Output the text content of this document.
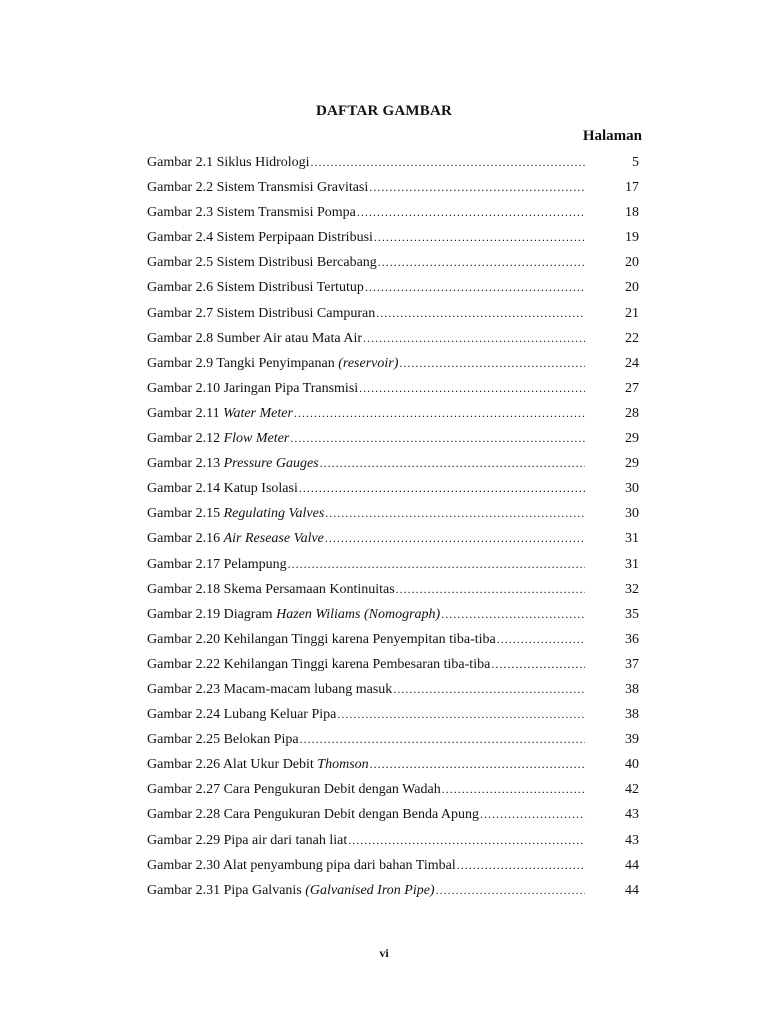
DAFTAR GAMBAR
Halaman
Gambar 2.1 Siklus Hidrologi .....	5
Gambar 2.2 Sistem Transmisi Gravitasi .....	17
Gambar 2.3 Sistem Transmisi Pompa .....	18
Gambar 2.4 Sistem Perpipaan Distribusi .....	19
Gambar 2.5 Sistem Distribusi Bercabang .....	20
Gambar 2.6 Sistem Distribusi Tertutup .....	20
Gambar 2.7 Sistem Distribusi Campuran .....	21
Gambar 2.8 Sumber Air atau Mata Air .....	22
Gambar 2.9 Tangki Penyimpanan (reservoir) .....	24
Gambar 2.10 Jaringan Pipa Transmisi .....	27
Gambar 2.11 Water Meter .....	28
Gambar 2.12 Flow Meter .....	29
Gambar 2.13 Pressure Gauges .....	29
Gambar 2.14 Katup Isolasi .....	30
Gambar 2.15 Regulating Valves .....	30
Gambar 2.16 Air Resease Valve .....	31
Gambar 2.17 Pelampung .....	31
Gambar 2.18 Skema Persamaan Kontinuitas .....	32
Gambar 2.19 Diagram Hazen Wiliams (Nomograph) .....	35
Gambar 2.20 Kehilangan Tinggi karena Penyempitan tiba-tiba .....	36
Gambar 2.22 Kehilangan Tinggi karena Pembesaran tiba-tiba .....	37
Gambar 2.23 Macam-macam lubang masuk .....	38
Gambar 2.24 Lubang Keluar Pipa .....	38
Gambar 2.25 Belokan Pipa .....	39
Gambar 2.26 Alat Ukur Debit Thomson .....	40
Gambar 2.27 Cara Pengukuran Debit dengan Wadah .....	42
Gambar 2.28 Cara Pengukuran Debit dengan Benda Apung .....	43
Gambar 2.29 Pipa air dari tanah liat .....	43
Gambar 2.30 Alat penyambung pipa dari bahan Timbal .....	44
Gambar 2.31 Pipa Galvanis (Galvanised Iron Pipe) .....	44
vi
